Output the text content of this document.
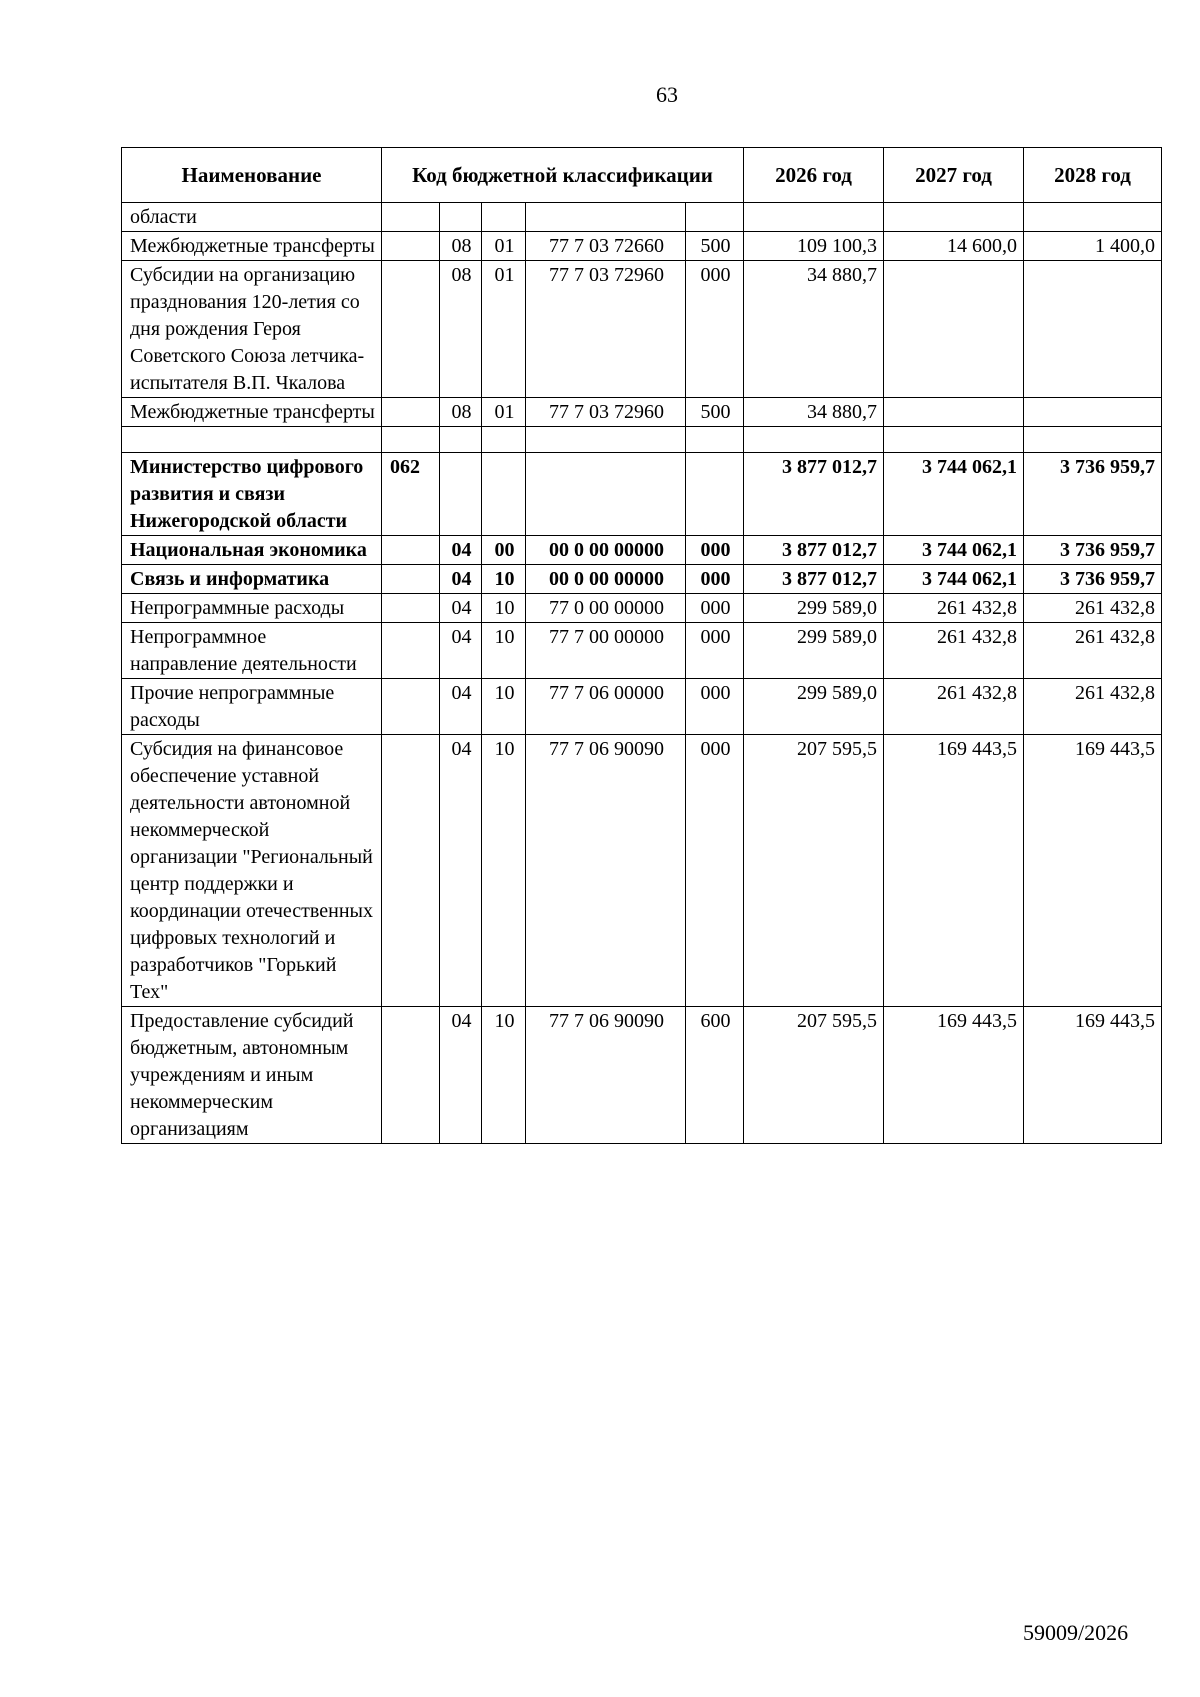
63
Наименование	Код бюджетной классификации					2026 год	2027 год	2028 год
области								
Межбюджетные трансферты		08	01	77 7 03 72660	500	109 100,3	14 600,0	1 400,0
Субсидии на организацию празднования 120-летия со дня рождения Героя Советского Союза летчика-испытателя В.П. Чкалова		08	01	77 7 03 72960	000	34 880,7		
Межбюджетные трансферты		08	01	77 7 03 72960	500	34 880,7		

Министерство цифрового развития и связи Нижегородской области	062					3 877 012,7	3 744 062,1	3 736 959,7
Национальная экономика		04	00	00 0 00 00000	000	3 877 012,7	3 744 062,1	3 736 959,7
Связь и информатика		04	10	00 0 00 00000	000	3 877 012,7	3 744 062,1	3 736 959,7
Непрограммные расходы		04	10	77 0 00 00000	000	299 589,0	261 432,8	261 432,8
Непрограммное направление деятельности		04	10	77 7 00 00000	000	299 589,0	261 432,8	261 432,8
Прочие непрограммные расходы		04	10	77 7 06 00000	000	299 589,0	261 432,8	261 432,8
Субсидия на финансовое обеспечение уставной деятельности автономной некоммерческой организации "Региональный центр поддержки и координации отечественных цифровых технологий и разработчиков "Горький Тех"		04	10	77 7 06 90090	000	207 595,5	169 443,5	169 443,5
Предоставление субсидий бюджетным, автономным учреждениям и иным некоммерческим организациям		04	10	77 7 06 90090	600	207 595,5	169 443,5	169 443,5
59009/2026
